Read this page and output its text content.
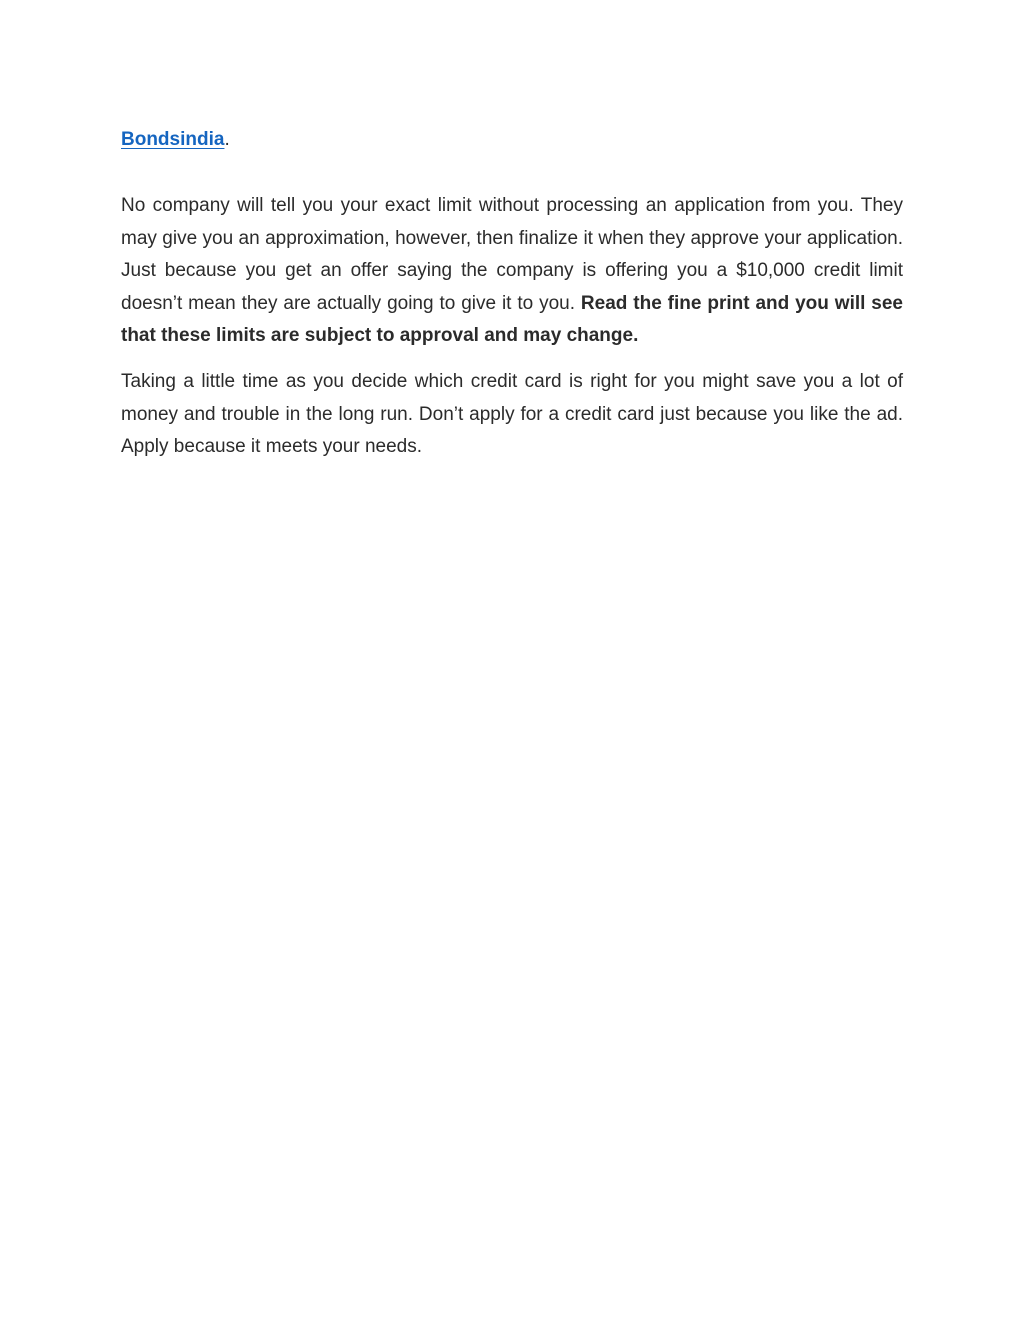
Bondsindia.

No company will tell you your exact limit without processing an application from you. They may give you an approximation, however, then finalize it when they approve your application. Just because you get an offer saying the company is offering you a $10,000 credit limit doesn’t mean they are actually going to give it to you. Read the fine print and you will see that these limits are subject to approval and may change.

Taking a little time as you decide which credit card is right for you might save you a lot of money and trouble in the long run. Don’t apply for a credit card just because you like the ad. Apply because it meets your needs.
